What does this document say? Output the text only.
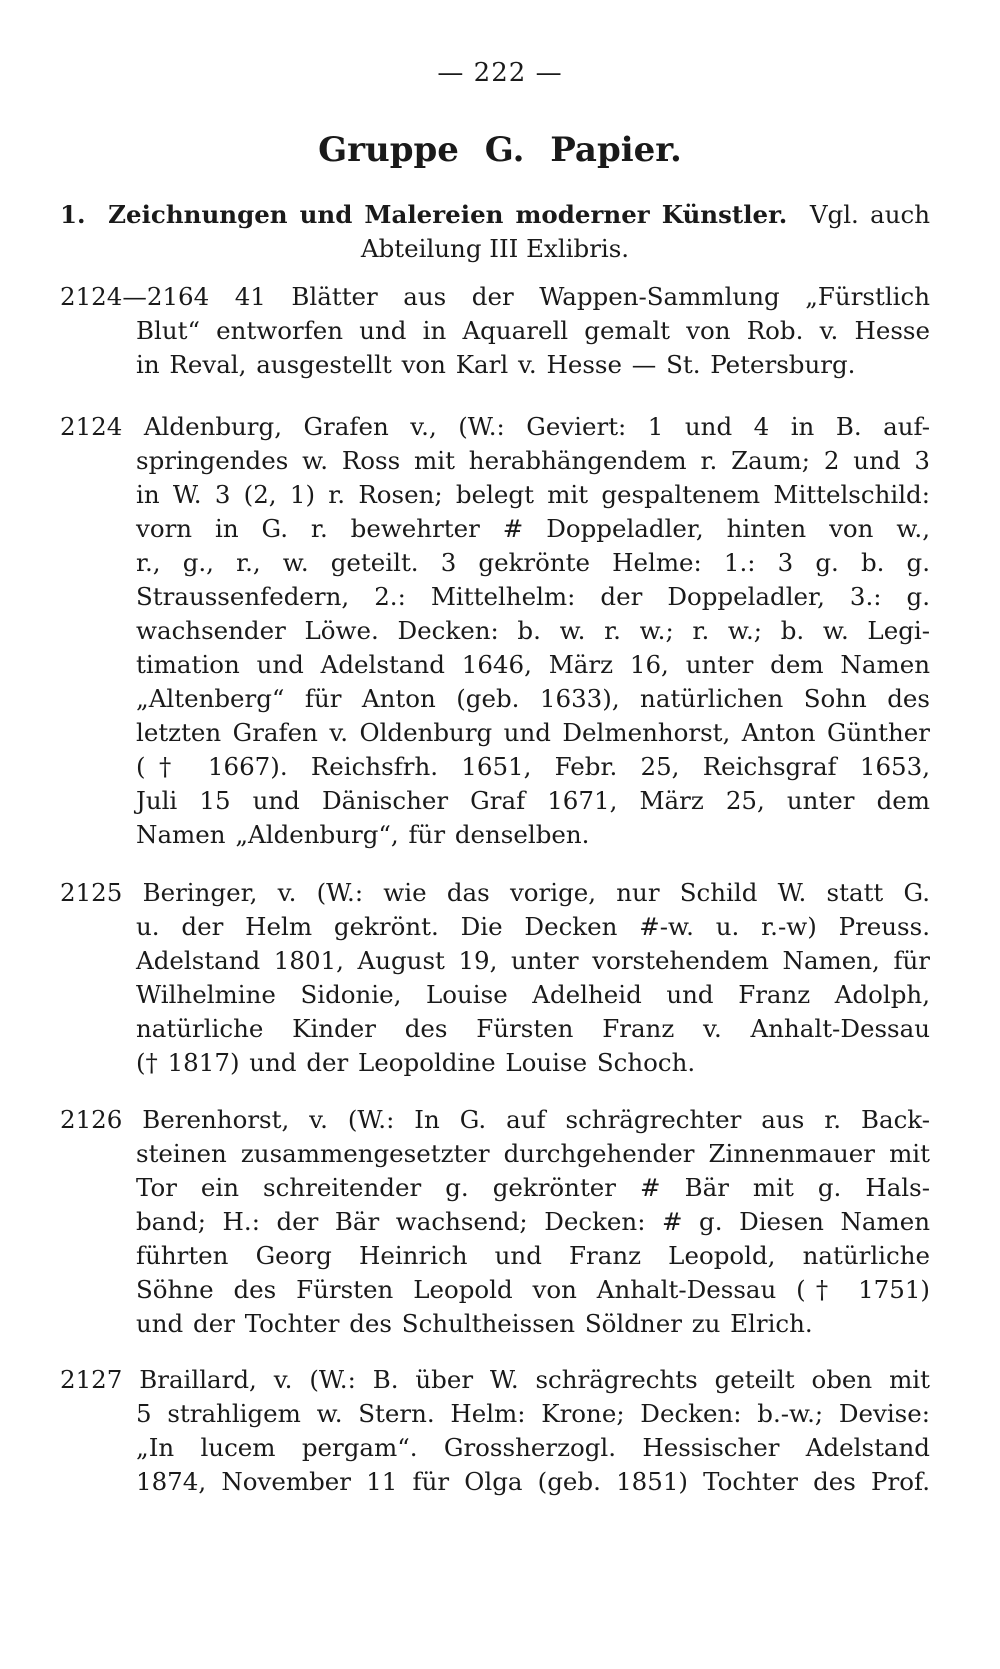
— 222 —
Gruppe G. Papier.
1. Zeichnungen und Malereien moderner Künstler. Vgl. auch
Abteilung III Exlibris.
2124—2164 41 Blätter aus der Wappen-Sammlung „Fürstlich
Blut“ entworfen und in Aquarell gemalt von Rob. v. Hesse
in Reval, ausgestellt von Karl v. Hesse — St. Petersburg.
2124 Aldenburg, Grafen v., (W.: Geviert: 1 und 4 in B. auf-
springendes w. Ross mit herabhängendem r. Zaum; 2 und 3
in W. 3 (2, 1) r. Rosen; belegt mit gespaltenem Mittelschild:
vorn in G. r. bewehrter # Doppeladler, hinten von w.,
r., g., r., w. geteilt. 3 gekrönte Helme: 1.: 3 g. b. g.
Straussenfedern, 2.: Mittelhelm: der Doppeladler, 3.: g.
wachsender Löwe. Decken: b. w. r. w.; r. w.; b. w. Legi-
timation und Adelstand 1646, März 16, unter dem Namen
„Altenberg“ für Anton (geb. 1633), natürlichen Sohn des
letzten Grafen v. Oldenburg und Delmenhorst, Anton Günther
(† 1667). Reichsfrh. 1651, Febr. 25, Reichsgraf 1653,
Juli 15 und Dänischer Graf 1671, März 25, unter dem
Namen „Aldenburg“, für denselben.
2125 Beringer, v. (W.: wie das vorige, nur Schild W. statt G.
u. der Helm gekrönt. Die Decken #-w. u. r.-w) Preuss.
Adelstand 1801, August 19, unter vorstehendem Namen, für
Wilhelmine Sidonie, Louise Adelheid und Franz Adolph,
natürliche Kinder des Fürsten Franz v. Anhalt-Dessau
(† 1817) und der Leopoldine Louise Schoch.
2126 Berenhorst, v. (W.: In G. auf schrägrechter aus r. Back-
steinen zusammengesetzter durchgehender Zinnenmauer mit
Tor ein schreitender g. gekrönter # Bär mit g. Hals-
band; H.: der Bär wachsend; Decken: # g. Diesen Namen
führten Georg Heinrich und Franz Leopold, natürliche
Söhne des Fürsten Leopold von Anhalt-Dessau († 1751)
und der Tochter des Schultheissen Söldner zu Elrich.
2127 Braillard, v. (W.: B. über W. schrägrechts geteilt oben mit
5 strahligem w. Stern. Helm: Krone; Decken: b.-w.; Devise:
„In lucem pergam“. Grossherzogl. Hessischer Adelstand
1874, November 11 für Olga (geb. 1851) Tochter des Prof.
